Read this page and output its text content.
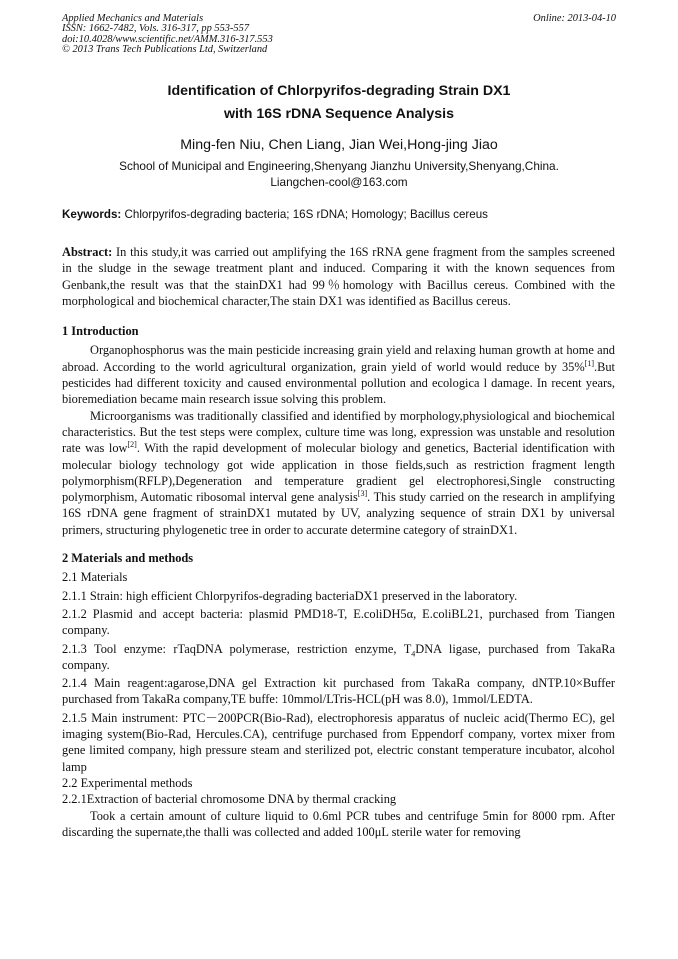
Applied Mechanics and Materials
ISSN: 1662-7482, Vols. 316-317, pp 553-557
doi:10.4028/www.scientific.net/AMM.316-317.553
© 2013 Trans Tech Publications Ltd, Switzerland
Online: 2013-04-10
Identification of Chlorpyrifos-degrading Strain DX1
with 16S rDNA Sequence Analysis
Ming-fen Niu, Chen Liang, Jian Wei,Hong-jing Jiao
School of Municipal and Engineering,Shenyang Jianzhu University,Shenyang,China.
Liangchen-cool@163.com
Keywords: Chlorpyrifos-degrading bacteria; 16S rDNA; Homology; Bacillus cereus

Abstract: In this study,it was carried out amplifying the 16S rRNA gene fragment from the samples screened in the sludge in the sewage treatment plant and induced. Comparing it with the known sequences from Genbank,the result was that the stainDX1 had 99％homology with Bacillus cereus. Combined with the morphological and biochemical character,The stain DX1 was identified as Bacillus cereus.

1 Introduction

Organophosphorus was the main pesticide increasing grain yield and relaxing human growth at home and abroad. According to the world agricultural organization, grain yield of world would reduce by 35%[1].But pesticides had different toxicity and caused environmental pollution and ecologica l damage. In recent years, bioremediation became main research issue solving this problem.

Microorganisms was traditionally classified and identified by morphology,physiological and biochemical characteristics. But the test steps were complex, culture time was long, expression was unstable and resolution rate was low[2]. With the rapid development of molecular biology and genetics, Bacterial identification with molecular biology technology got wide application in those fields,such as restriction fragment length polymorphism(RFLP),Degeneration and temperature gradient gel electrophoresi,Single constructing polymorphism, Automatic ribosomal interval gene analysis[3]. This study carried on the research in amplifying 16S rDNA gene fragment of strainDX1 mutated by UV, analyzing sequence of strain DX1 by universal primers, structuring phylogenetic tree in order to accurate determine category of strainDX1.

2 Materials and methods

2.1 Materials

2.1.1 Strain: high efficient Chlorpyrifos-degrading bacteriaDX1 preserved in the laboratory.

2.1.2 Plasmid and accept bacteria: plasmid PMD18-T, E.coliDH5α, E.coliBL21, purchased from Tiangen company.

2.1.3 Tool enzyme: rTaqDNA polymerase, restriction enzyme, $T_4DNA$ ligase, purchased from TakaRa company.

2.1.4 Main reagent:agarose,DNA gel Extraction kit purchased from TakaRa company, dNTP.10×Buffer purchased from TakaRa company,TE buffe: 10mmol/LTris-HCL(pH was 8.0), 1mmol/LEDTA.

2.1.5 Main instrument: PTC－200PCR(Bio-Rad), electrophoresis apparatus of nucleic acid(Thermo EC), gel imaging system(Bio-Rad, Hercules.CA), centrifuge purchased from Eppendorf company, vortex mixer from gene limited company, high pressure steam and sterilized pot, electric constant temperature incubator, alcohol lamp

2.2 Experimental methods

2.2.1Extraction of bacterial chromosome DNA by thermal cracking

Took a certain amount of culture liquid to 0.6ml PCR tubes and centrifuge 5min for 8000 rpm. After discarding the supernate,the thalli was collected and added 100μL sterile water for removing
